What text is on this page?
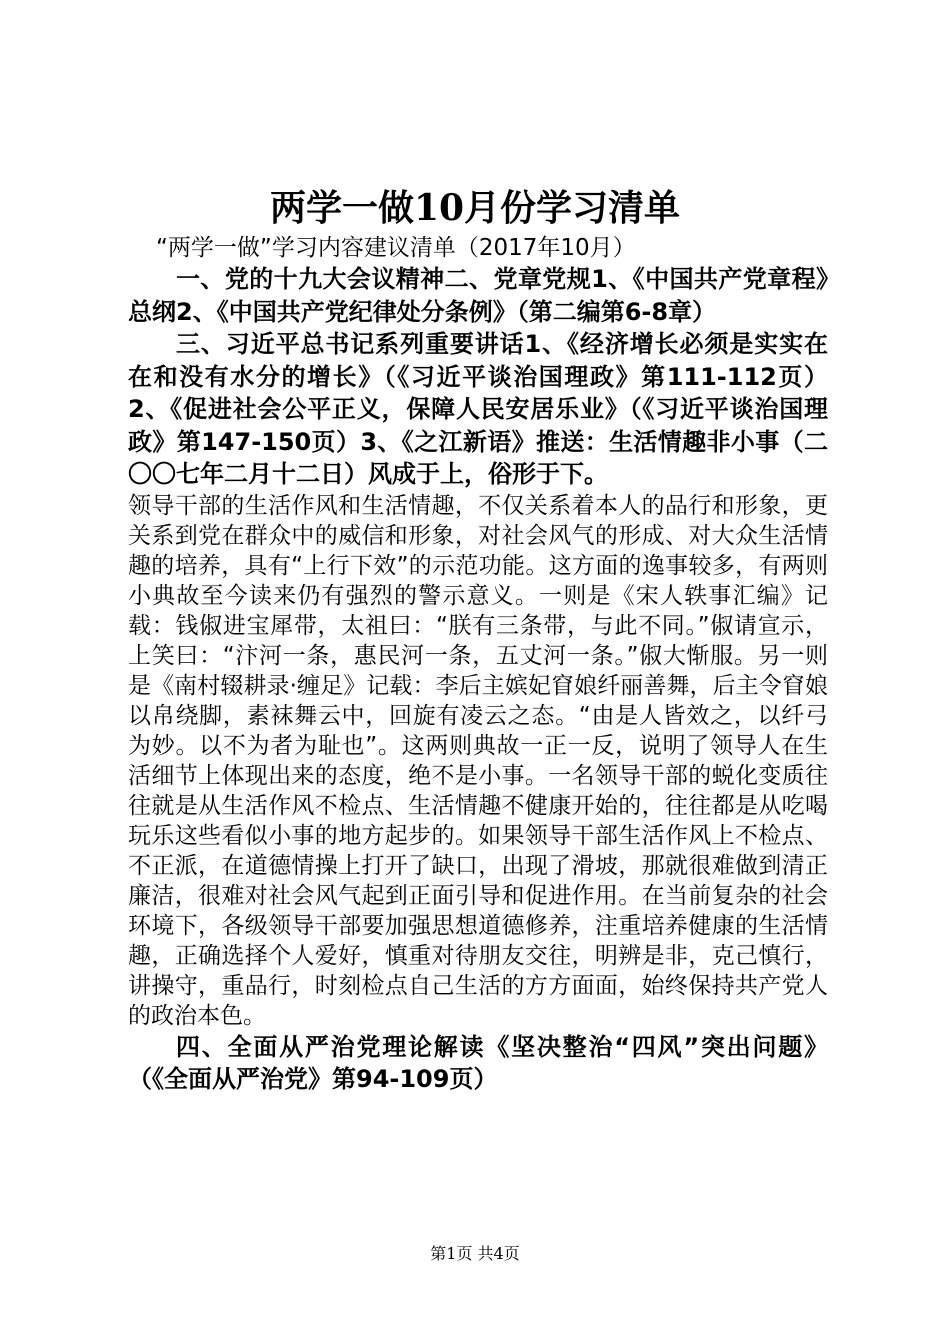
两学一做10月份学习清单

“两学一做”学习内容建议清单（2017年10月）

一、党的十九大会议精神二、党章党规1、《中国共产党章程》总纲2、《中国共产党纪律处分条例》（第二编第6-8章）

三、习近平总书记系列重要讲话1、《经济增长必须是实实在在和没有水分的增长》（《习近平谈治国理政》第111-112页）2、《促进社会公平正义，保障人民安居乐业》（《习近平谈治国理政》第147-150页）3、《之江新语》推送：生活情趣非小事（二〇〇七年二月十二日）风成于上，俗形于下。

领导干部的生活作风和生活情趣，不仅关系着本人的品行和形象，更关系到党在群众中的威信和形象，对社会风气的形成、对大众生活情趣的培养，具有“上行下效”的示范功能。这方面的逸事较多，有两则小典故至今读来仍有强烈的警示意义。一则是《宋人轶事汇编》记载：钱俶进宝犀带，太祖曰：“朕有三条带，与此不同。”俶请宣示，上笑曰：“汴河一条，惠民河一条，五丈河一条。”俶大惭服。另一则是《南村辍耕录·缠足》记载：李后主嫔妃窅娘纤丽善舞，后主令窅娘以帛绕脚，素袜舞云中，回旋有凌云之态。“由是人皆效之，以纤弓为妙。以不为者为耻也”。这两则典故一正一反，说明了领导人在生活细节上体现出来的态度，绝不是小事。一名领导干部的蜕化变质往往就是从生活作风不检点、生活情趣不健康开始的，往往都是从吃喝玩乐这些看似小事的地方起步的。如果领导干部生活作风上不检点、不正派，在道德情操上打开了缺口，出现了滑坡，那就很难做到清正廉洁，很难对社会风气起到正面引导和促进作用。在当前复杂的社会环境下，各级领导干部要加强思想道德修养，注重培养健康的生活情趣，正确选择个人爱好，慎重对待朋友交往，明辨是非，克己慎行，讲操守，重品行，时刻检点自己生活的方方面面，始终保持共产党人的政治本色。

四、全面从严治党理论解读《坚决整治“四风”突出问题》（《全面从严治党》第94-109页）

第1页 共4页
